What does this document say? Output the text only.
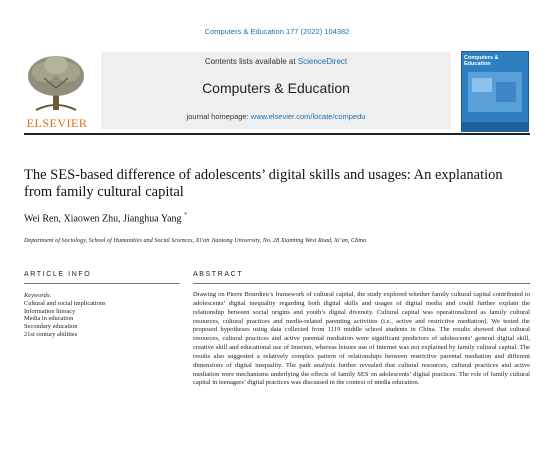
Computers & Education 177 (2022) 104382
ELSEVIER
Contents lists available at ScienceDirect
Computers & Education
journal homepage: www.elsevier.com/locate/compedu
Computers & Education
The SES-based difference of adolescents’ digital skills and usages: An explanation from family cultural capital
Wei Ren, Xiaowen Zhu, Jianghua Yang *
Department of Sociology, School of Humanities and Social Sciences, Xi’an Jiaotong University, No. 28 Xianning West Road, Xi’an, China
ARTICLE INFO
Keywords:
Cultural and social implications
Information literacy
Media in education
Secondary education
21st century abilities
ABSTRACT

Drawing on Pierre Bourdieu’s framework of cultural capital, the study explored whether family cultural capital contributed to adolescents’ digital inequality regarding both digital skills and usages of digital media and could further explain the relationship between social origins and youth’s digital diversity. Cultural capital was operationalized as family cultural resources, cultural practices and media-related parenting activities (i.e., active and restrictive mediation). We tested the proposed hypotheses using data collected from 1119 middle school students in China. The results showed that cultural resources, cultural practices and active parental mediation were significant predictors of adolescents’ general digital skill, creative skill and educational use of Internet, whereas leisure use of Internet was not explained by family cultural capital. The results also suggested a relatively complex pattern of relationships between restrictive parental mediation and different dimensions of digital inequality. The path analysis further revealed that cultural resources, cultural practices and active mediation were mechanisms underlying the effects of family SES on adolescents’ digital practices. The role of family cultural capital in teenagers’ digital practices was discussed in the context of media education.
